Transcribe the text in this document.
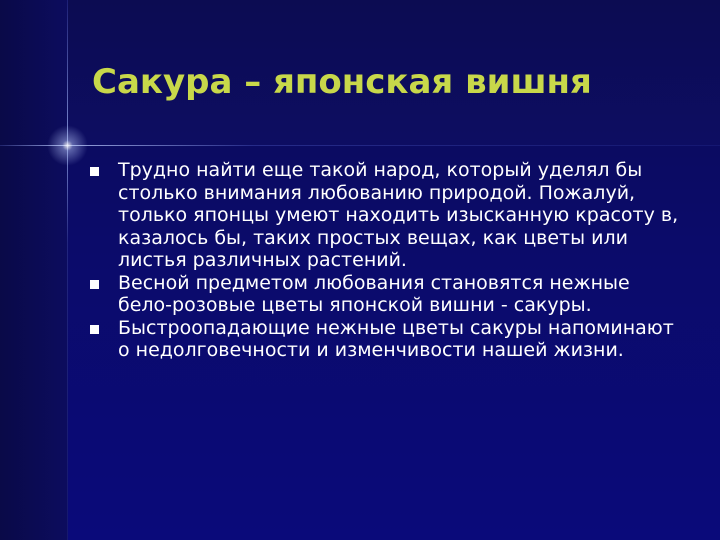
Сакура – японская вишня
Трудно найти еще такой народ, который уделял бы столько внимания любованию природой. Пожалуй, только японцы умеют находить изысканную красоту в, казалось бы, таких простых вещах, как цветы или листья различных растений.
Весной предметом любования становятся нежные бело-розовые цветы японской вишни - сакуры.
Быстроопадающие нежные цветы сакуры напоминают о недолговечности и изменчивости нашей жизни.
